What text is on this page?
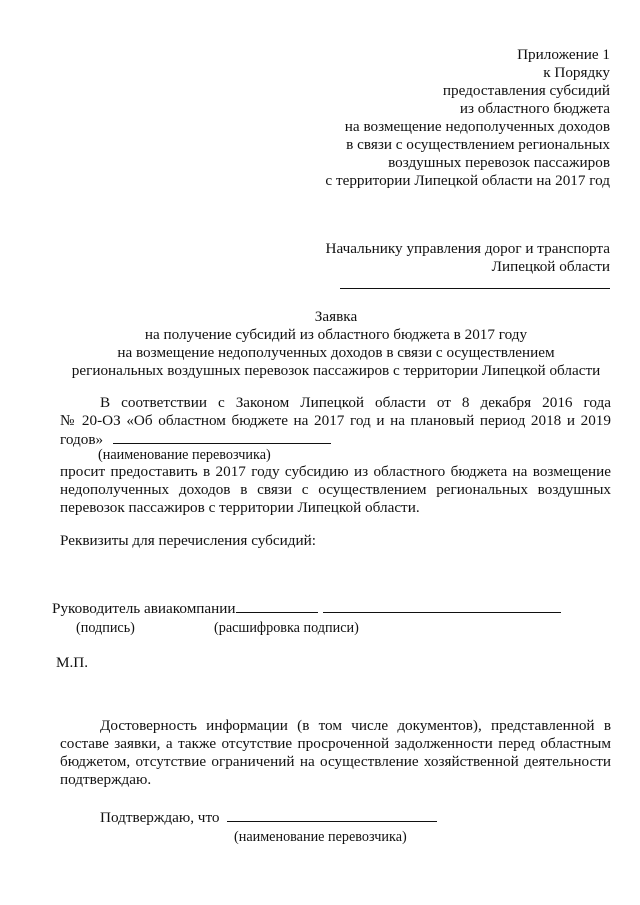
Приложение 1
к Порядку
предоставления субсидий
из областного бюджета
на возмещение недополученных доходов
в связи с осуществлением региональных
воздушных перевозок пассажиров
с территории Липецкой области на 2017 год
Начальнику управления дорог и транспорта
Липецкой области
Заявка
на получение субсидий из областного бюджета в 2017 году
на возмещение недополученных доходов в связи с осуществлением
региональных воздушных перевозок пассажиров с территории Липецкой области
В соответствии с Законом Липецкой области от 8 декабря 2016 года
№ 20-ОЗ «Об областном бюджете на 2017 год и на плановый период 2018 и 2019
годов»
(наименование перевозчика)
просит предоставить в 2017 году субсидию из областного бюджета на возмещение недополученных доходов в связи с осуществлением региональных воздушных перевозок пассажиров с территории Липецкой области.
Реквизиты для перечисления субсидий:
Руководитель авиакомпании
(подпись)	(расшифровка подписи)
М.П.
Достоверность информации (в том числе документов), представленной в составе заявки, а также отсутствие просроченной задолженности перед областным бюджетом, отсутствие ограничений на осуществление хозяйственной деятельности подтверждаю.
Подтверждаю, что
(наименование перевозчика)
